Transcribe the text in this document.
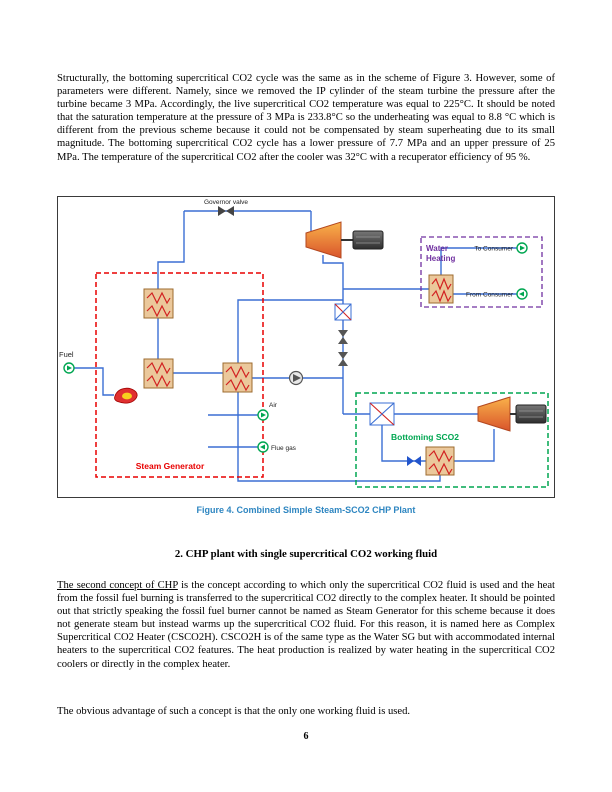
Structurally, the bottoming supercritical CO2 cycle was the same as in the scheme of Figure 3. However, some of parameters were different. Namely, since we removed the IP cylinder of the steam turbine the pressure after the turbine became 3 MPa. Accordingly, the live supercritical CO2 temperature was equal to 225°C. It should be noted that the saturation temperature at the pressure of 3 MPa is 233.8°C so the underheating was equal to 8.8 °C which is different from the previous scheme because it could not be compensated by steam superheating due to its small magnitude. The bottoming supercritical CO2 cycle has a lower pressure of 7.7 MPa and an upper pressure of 25 MPa. The temperature of the supercritical CO2 after the cooler was 32°C with a recuperator efficiency of 95 %.

Governor valve
Water
Heating
To Consumer
From Consumer
Steam Generator
Fuel
Air
Flue gas
Bottoming SCO2
Figure 4. Combined Simple Steam-SCO2 CHP Plant
2. CHP plant with single supercritical CO2 working fluid

The second concept of CHP is the concept according to which only the supercritical CO2 fluid is used and the heat from the fossil fuel burning is transferred to the supercritical CO2 directly to the complex heater. It should be pointed out that strictly speaking the fossil fuel burner cannot be named as Steam Generator for this scheme because it does not generate steam but instead warms up the supercritical CO2 fluid. For this reason, it is named here as Complex Supercritical CO2 Heater (CSCO2H). CSCO2H is of the same type as the Water SG but with accommodated internal heaters to the supercritical CO2 features. The heat production is realized by water heating in the supercritical CO2 coolers or directly in the complex heater.

The obvious advantage of such a concept is that the only one working fluid is used.

6
